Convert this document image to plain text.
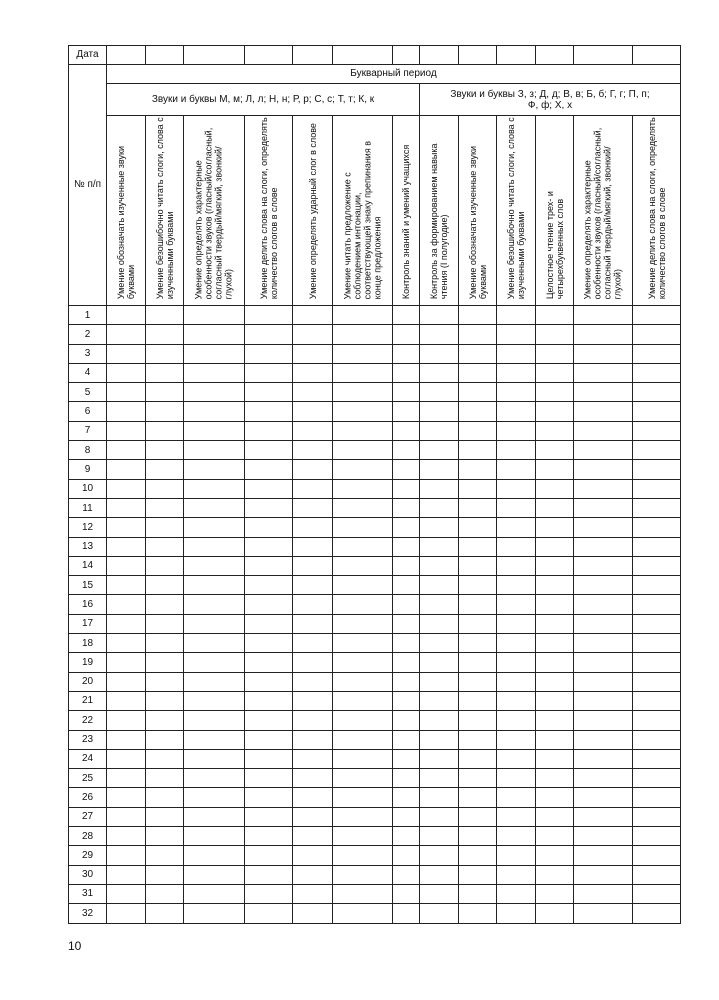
Дата													
№ п/п	Букварный период												
	Звуки и буквы М, м; Л, л; Н, н; Р, р; С, с; Т, т; К, к							Звуки и буквы З, з; Д, д; В, в; Б, б; Г, г; П, п;
Ф, ф; Х, х					

	Умение обозначать изученные звуки буквами	Умение безошибочно читать слоги, слова с изученными буквами	Умение определять характерные особенности звуков (гласный/согласный, согласный твердый/мягкий, звонкий/глухой)	Умение делить слова на слоги, определять количество слогов в слове	Умение определять ударный слог в слове	Умение читать предложение с соблюдением интонации, соответствующей знаку препинания в конце предложения	Контроль знаний и умений учащихся	Контроль за формированием навыка чтения (I полугодие)	Умение обозначать изученные звуки буквами	Умение безошибочно читать слоги, слова с изученными буквами	Целостное чтение трех- и четырехбуквенных слов	Умение определять характерные особенности звуков (гласный/согласный, согласный твердый/мягкий, звонкий/глухой)	Умение делить слова на слоги, определять количество слогов в слове

1													
2													
3													
4													
5													
6													
7													
8													
9													
10													
11													
12													
13													
14													
15													
16													
17													
18													
19													
20													
21													
22													
23													
24													
25													
26													
27													
28													
29													
30													
31													
32													
10
